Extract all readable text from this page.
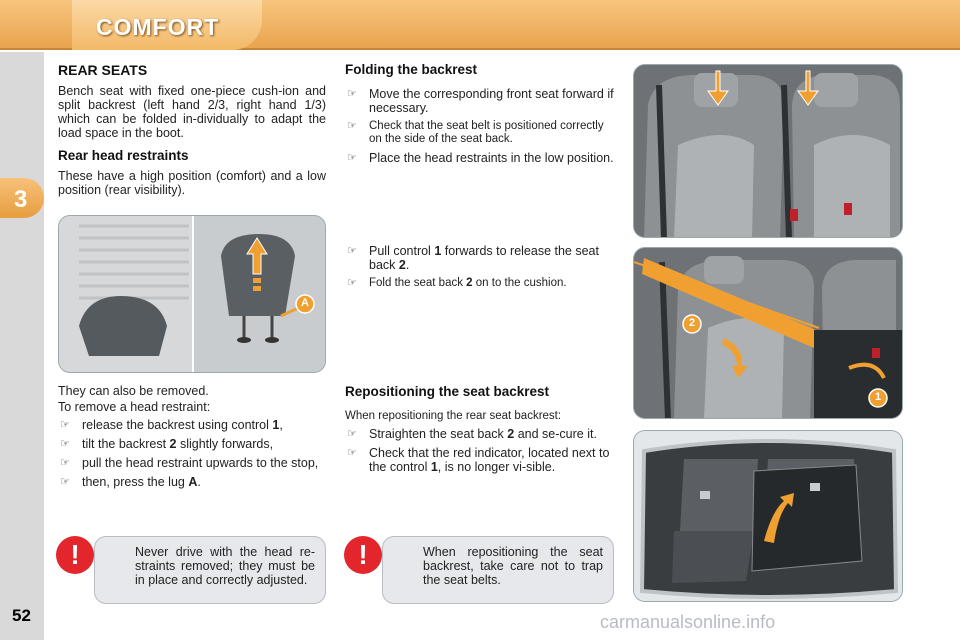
COMFORT
3
52
REAR SEATS

Bench seat with fixed one-piece cush-ion and split backrest (left hand 2/3, right hand 1/3) which can be folded in-dividually to adapt the load space in the boot.

Rear head restraints

These have a high position (comfort) and a low position (rear visibility).

A

They can also be removed.

To remove a head restraint:

☞ release the backrest using control 1,
☞ tilt the backrest 2 slightly forwards,
☞ pull the head restraint upwards to the stop,
☞ then, press the lug A.
Folding the backrest
☞ Move the corresponding front seat forward if necessary.
☞ Check that the seat belt is positioned correctly on the side of the seat back.
☞ Place the head restraints in the low position.
☞ Pull control 1 forwards to release the seat back 2.
☞ Fold the seat back 2 on to the cushion.
Repositioning the seat backrest

When repositioning the rear seat backrest:

☞ Straighten the seat back 2 and se-cure it.
☞ Check that the red indicator, located next to the control 1, is no longer vi-sible.
Never drive with the head re-straints removed; they must be in place and correctly adjusted.
!	When repositioning the seat backrest, take care not to trap the seat belts.
!
2
1
carmanualsonline.info
